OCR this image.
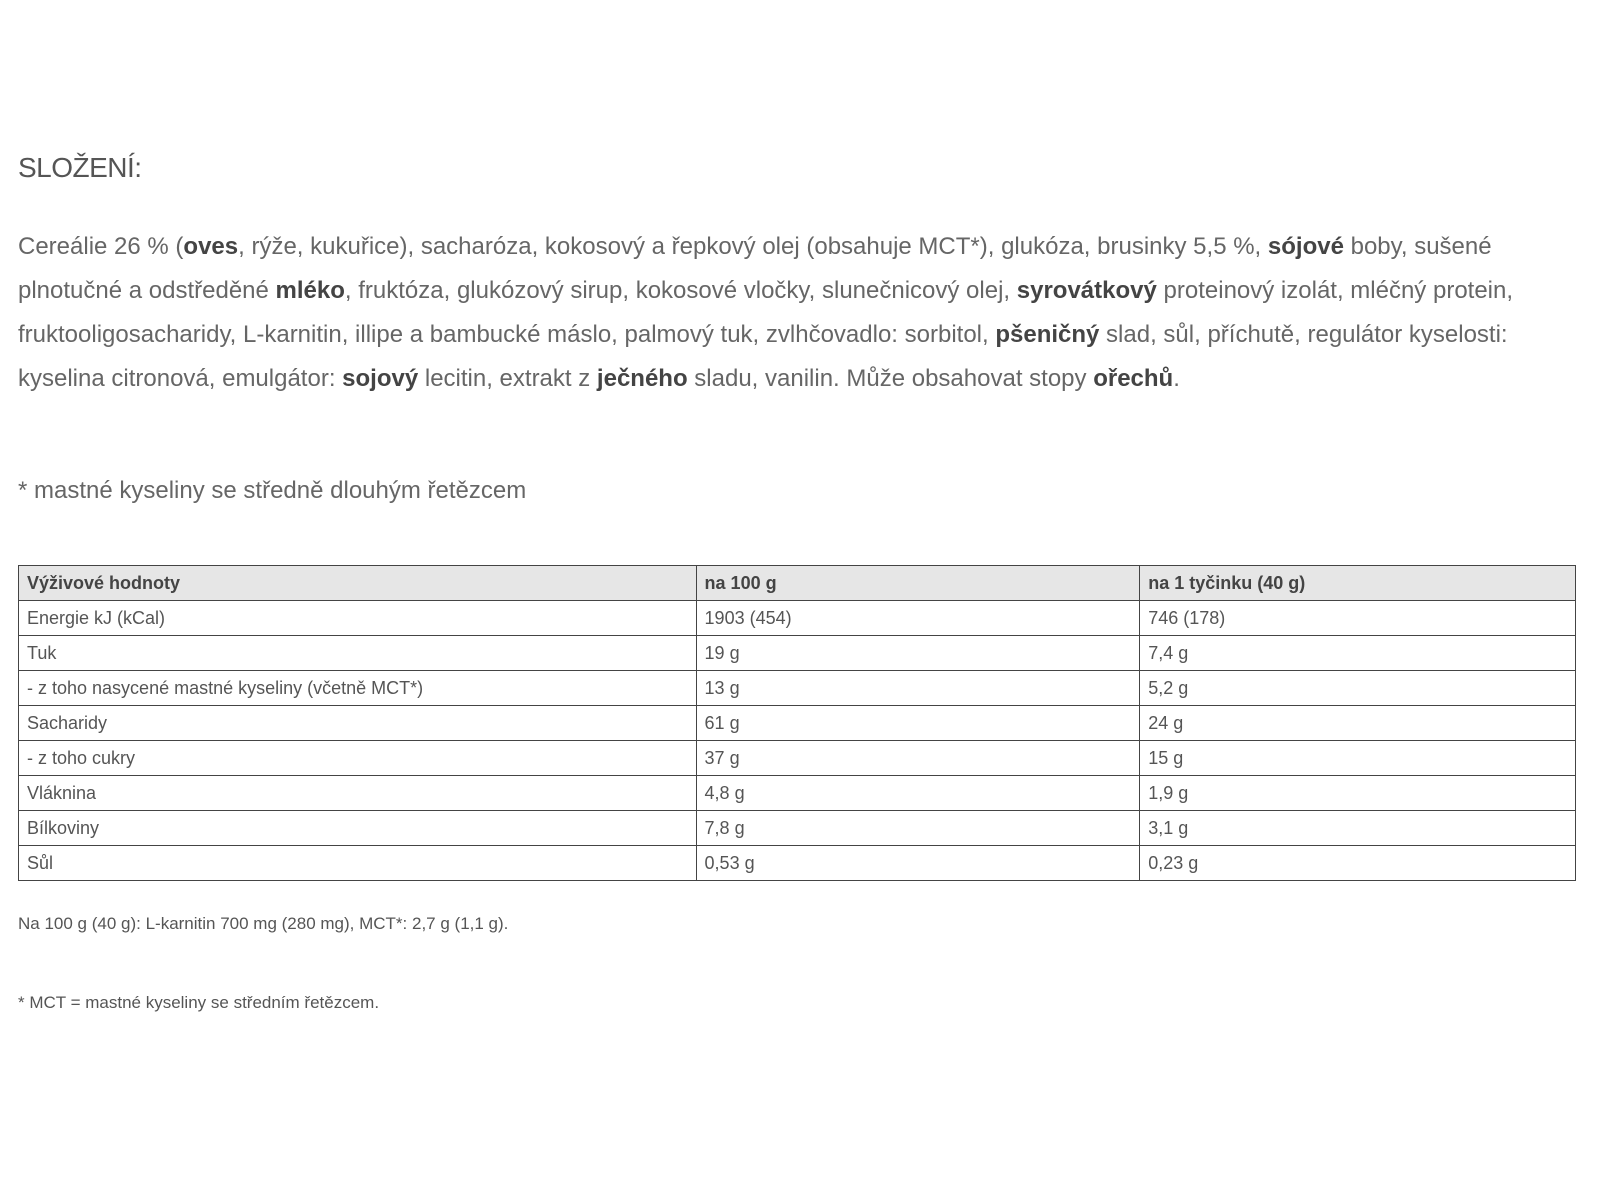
SLOŽENÍ:

Cereálie 26 % (oves, rýže, kukuřice), sacharóza, kokosový a řepkový olej (obsahuje MCT*), glukóza, brusinky 5,5 %, sójové boby, sušené plnotučné a odstředěné mléko, fruktóza, glukózový sirup, kokosové vločky, slunečnicový olej, syrovátkový proteinový izolát, mléčný protein, fruktooligosacharidy, L-karnitin, illipe a bambucké máslo, palmový tuk, zvlhčovadlo: sorbitol, pšeničný slad, sůl, příchutě, regulátor kyselosti: kyselina citronová, emulgátor: sojový lecitin, extrakt z ječného sladu, vanilin. Může obsahovat stopy ořechů.

* mastné kyseliny se středně dlouhým řetězcem

Výživové hodnoty	na 100 g	na 1 tyčinku (40 g)
Energie kJ (kCal)	1903 (454)	746 (178)
Tuk	19 g	7,4 g
- z toho nasycené mastné kyseliny (včetně MCT*)	13 g	5,2 g
Sacharidy	61 g	24 g
- z toho cukry	37 g	15 g
Vláknina	4,8 g	1,9 g
Bílkoviny	7,8 g	3,1 g
Sůl	0,53 g	0,23 g

Na 100 g (40 g): L-karnitin 700 mg (280 mg), MCT*: 2,7 g (1,1 g).

* MCT = mastné kyseliny se středním řetězcem.
